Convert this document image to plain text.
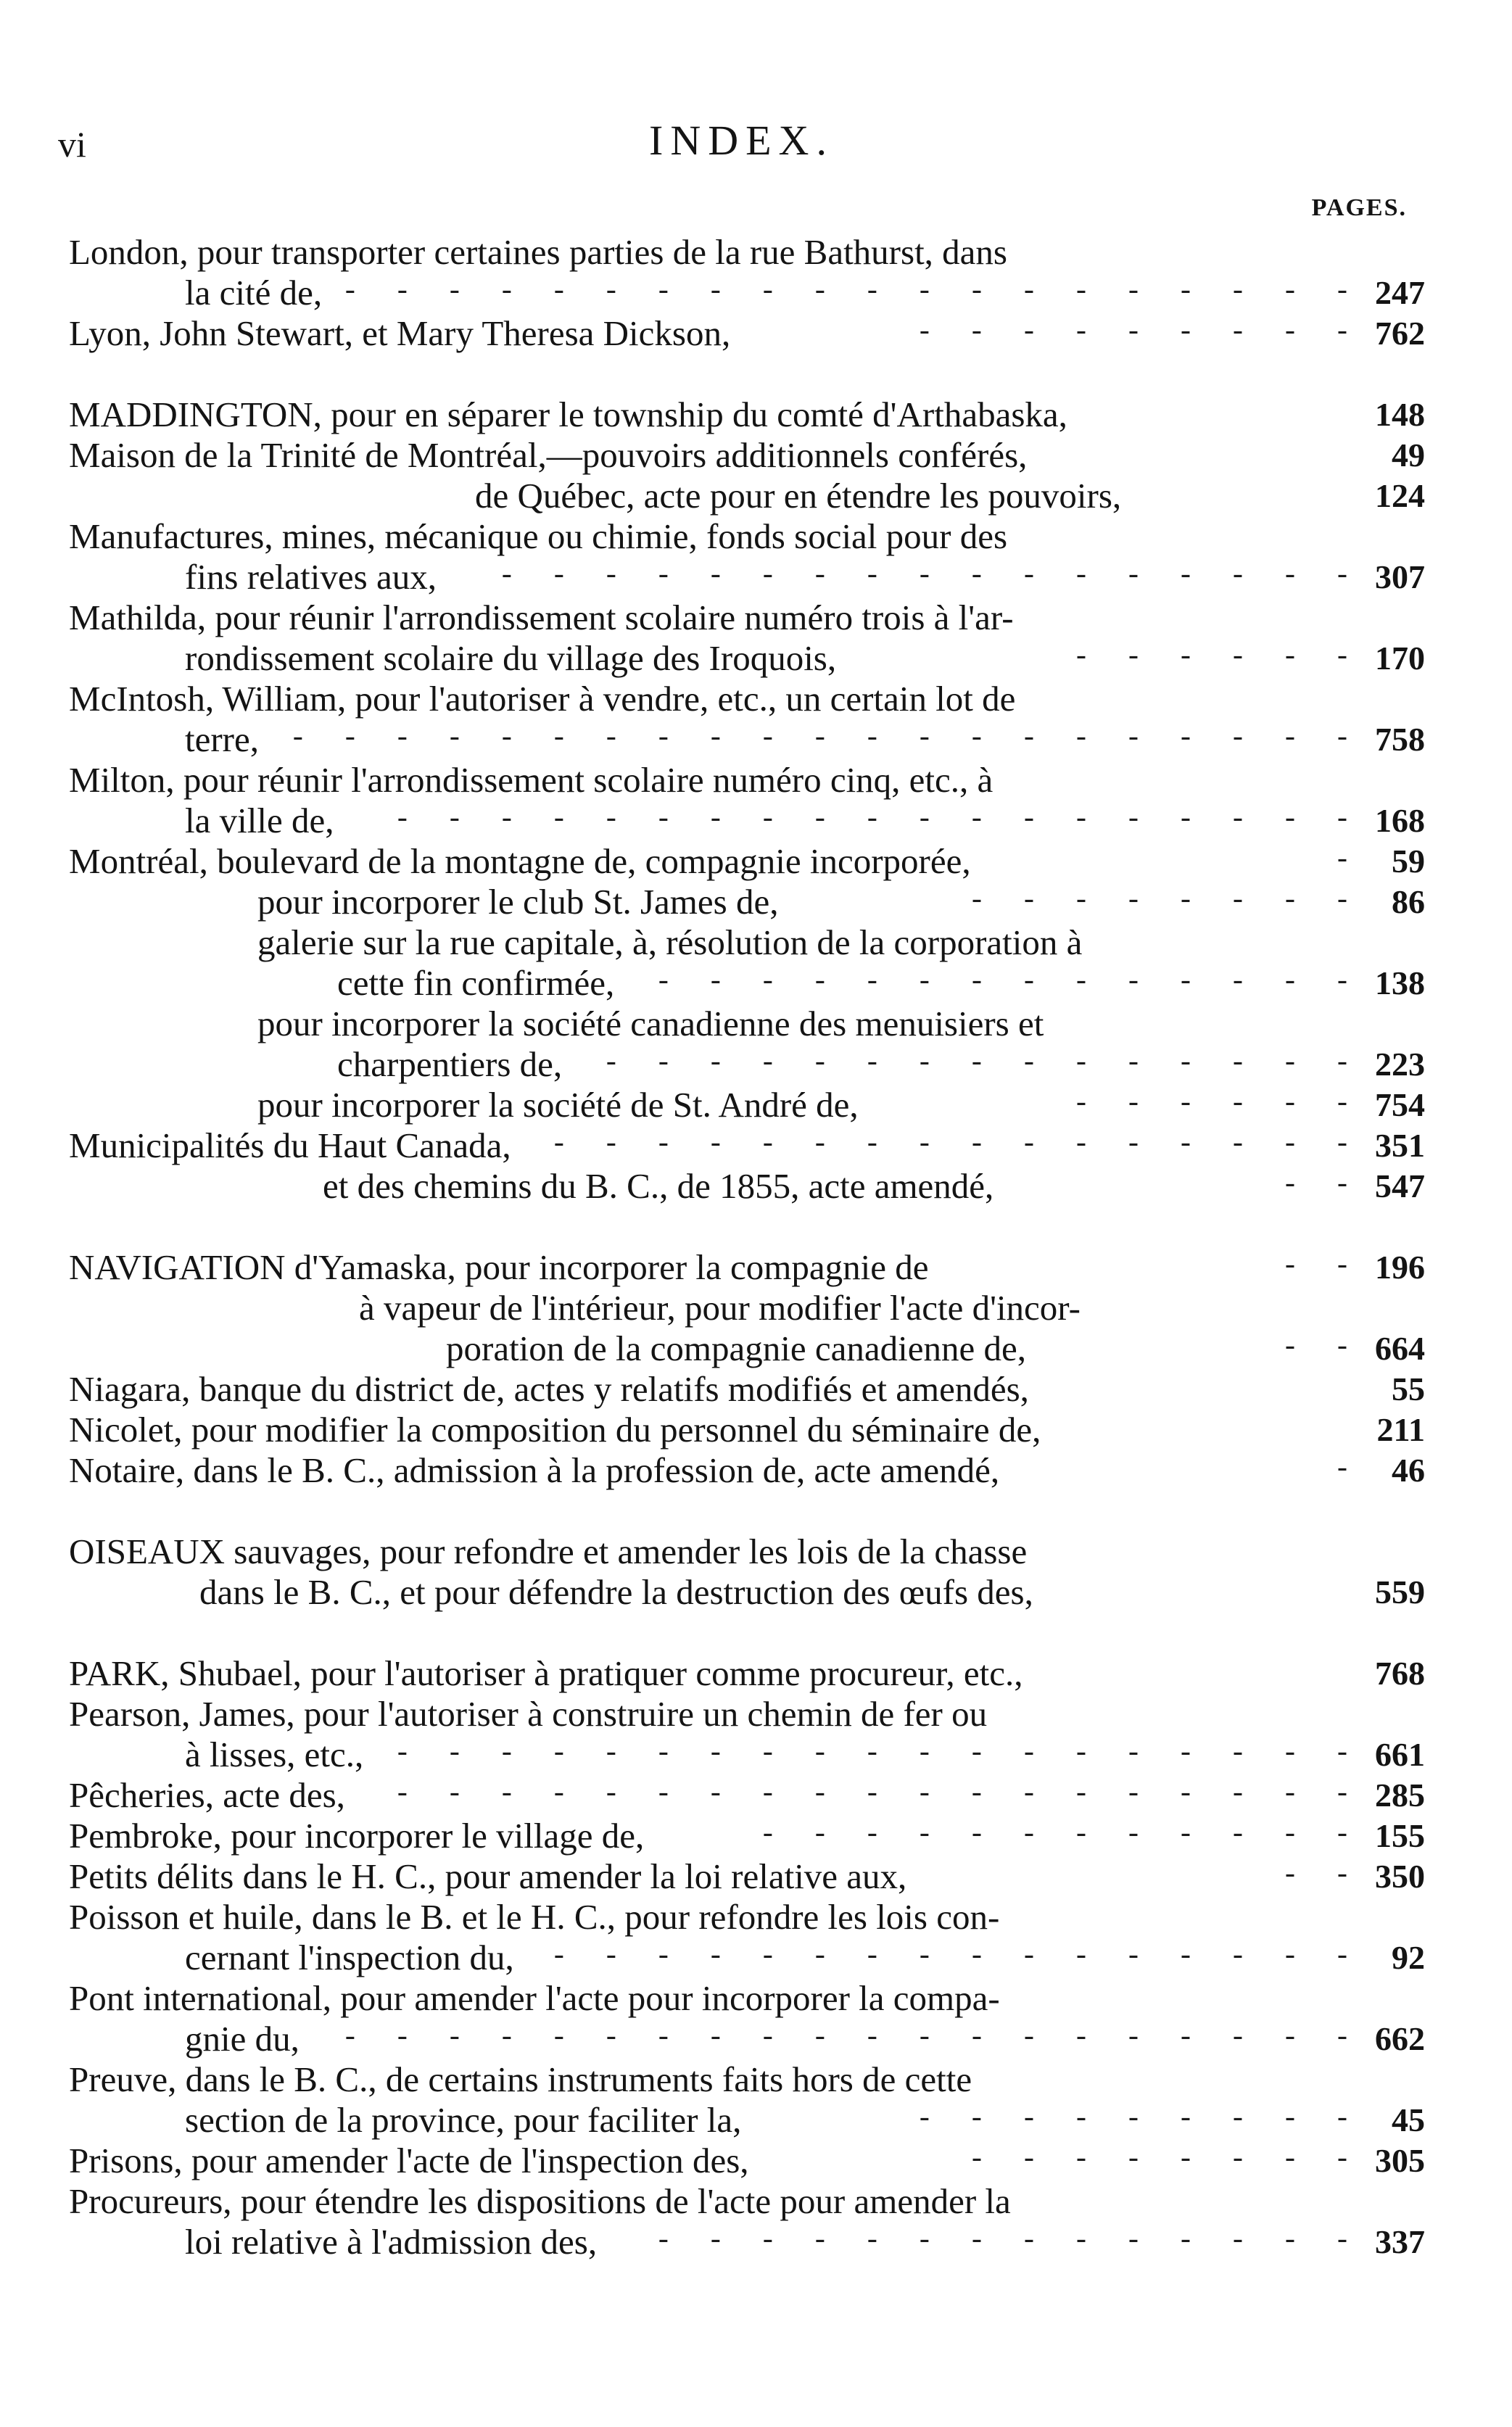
vi	INDEX.
PAGES.
London, pour transporter certaines parties de la rue Bathurst, dans
la cité de, - - - - - - - - - - - - - - - - - - - - 247
Lyon, John Stewart, et Mary Theresa Dickson,	- - - - - - - - - 762
MADDINGTON, pour en séparer le township du comté d'Arthabaska,	148
Maison de la Trinité de Montréal,—pouvoirs additionnels conférés,	49
de Québec, acte pour en étendre les pouvoirs,	124
Manufactures, mines, mécanique ou chimie, fonds social pour des
fins relatives aux, - - - - - - - - - - - - - - - - - 307
Mathilda, pour réunir l'arrondissement scolaire numéro trois à l'ar-
rondissement scolaire du village des Iroquois,	- - - - - - 170
McIntosh, William, pour l'autoriser à vendre, etc., un certain lot de
terre, - - - - - - - - - - - - - - - - - - - - - 758
Milton, pour réunir l'arrondissement scolaire numéro cinq, etc., à
la ville de, - - - - - - - - - - - - - - - - - - - 168
Montréal, boulevard de la montagne de, compagnie incorporée,	- 59
pour incorporer le club St. James de,	- - - - - - - - 86
galerie sur la rue capitale, à, résolution de la corporation à
cette fin confirmée, - - - - - - - - - - - - - - 138
pour incorporer la société canadienne des menuisiers et
charpentiers de, - - - - - - - - - - - - - - - 223
pour incorporer la société de St. André de,	- - - - - - 754
Municipalités du Haut Canada, - - - - - - - - - - - - - - - - 351
et des chemins du B. C., de 1855, acte amendé,	- - 547
NAVIGATION d'Yamaska, pour incorporer la compagnie de	- - 196
à vapeur de l'intérieur, pour modifier l'acte d'incor-
poration de la compagnie canadienne de,	- - 664
Niagara, banque du district de, actes y relatifs modifiés et amendés,	55
Nicolet, pour modifier la composition du personnel du séminaire de,	211
Notaire, dans le B. C., admission à la profession de, acte amendé,	- 46
OISEAUX sauvages, pour refondre et amender les lois de la chasse
dans le B. C., et pour défendre la destruction des œufs des,	559
PARK, Shubael, pour l'autoriser à pratiquer comme procureur, etc.,	768
Pearson, James, pour l'autoriser à construire un chemin de fer ou
à lisses, etc., - - - - - - - - - - - - - - - - - - - 661
Pêcheries, acte des, - - - - - - - - - - - - - - - - - - - 285
Pembroke, pour incorporer le village de,	- - - - - - - - - - - - 155
Petits délits dans le H. C., pour amender la loi relative aux,	- - 350
Poisson et huile, dans le B. et le H. C., pour refondre les lois con-
cernant l'inspection du, - - - - - - - - - - - - - - - - 92
Pont international, pour amender l'acte pour incorporer la compa-
gnie du, - - - - - - - - - - - - - - - - - - - - 662
Preuve, dans le B. C., de certains instruments faits hors de cette
section de la province, pour faciliter la,	- - - - - - - - - 45
Prisons, pour amender l'acte de l'inspection des,	- - - - - - - - 305
Procureurs, pour étendre les dispositions de l'acte pour amender la
loi relative à l'admission des, - - - - - - - - - - - - - - 337
